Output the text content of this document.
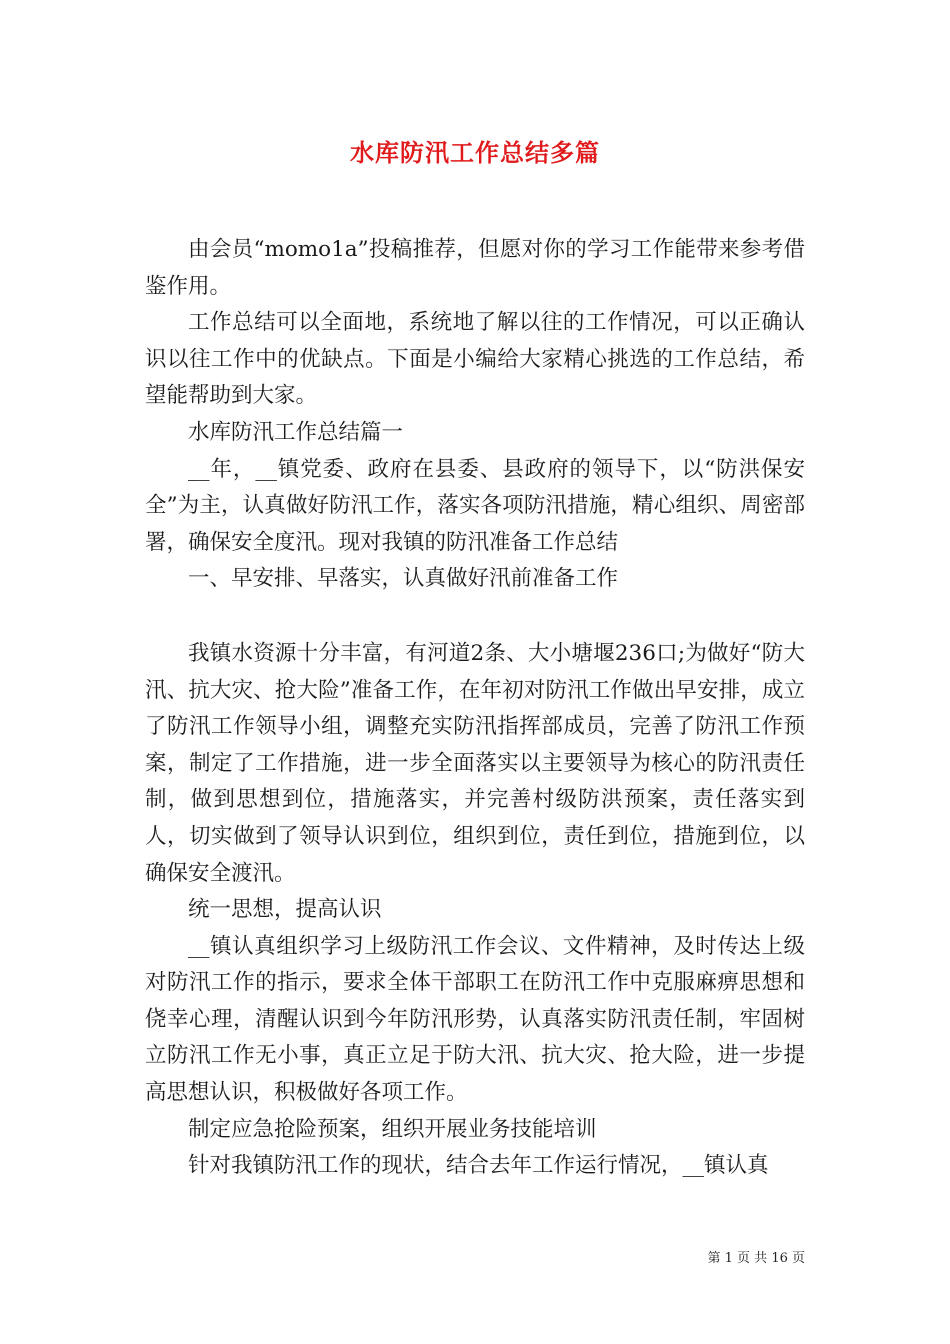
水库防汛工作总结多篇

由会员“momo1a”投稿推荐，但愿对你的学习工作能带来参考借鉴作用。

工作总结可以全面地，系统地了解以往的工作情况，可以正确认识以往工作中的优缺点。下面是小编给大家精心挑选的工作总结，希望能帮助到大家。

水库防汛工作总结篇一

__年，__镇党委、政府在县委、县政府的领导下，以“防洪保安全”为主，认真做好防汛工作，落实各项防汛措施，精心组织、周密部署，确保安全度汛。现对我镇的防汛准备工作总结

一、早安排、早落实，认真做好汛前准备工作

我镇水资源十分丰富，有河道2条、大小塘堰236口;为做好“防大汛、抗大灾、抢大险”准备工作，在年初对防汛工作做出早安排，成立了防汛工作领导小组，调整充实防汛指挥部成员，完善了防汛工作预案，制定了工作措施，进一步全面落实以主要领导为核心的防汛责任制，做到思想到位，措施落实，并完善村级防洪预案，责任落实到人，切实做到了领导认识到位，组织到位，责任到位，措施到位，以确保安全渡汛。

统一思想，提高认识

__镇认真组织学习上级防汛工作会议、文件精神，及时传达上级对防汛工作的指示，要求全体干部职工在防汛工作中克服麻痹思想和侥幸心理，清醒认识到今年防汛形势，认真落实防汛责任制，牢固树立防汛工作无小事，真正立足于防大汛、抗大灾、抢大险，进一步提高思想认识，积极做好各项工作。

制定应急抢险预案，组织开展业务技能培训

针对我镇防汛工作的现状，结合去年工作运行情况，__镇认真

第 1 页 共 16 页
